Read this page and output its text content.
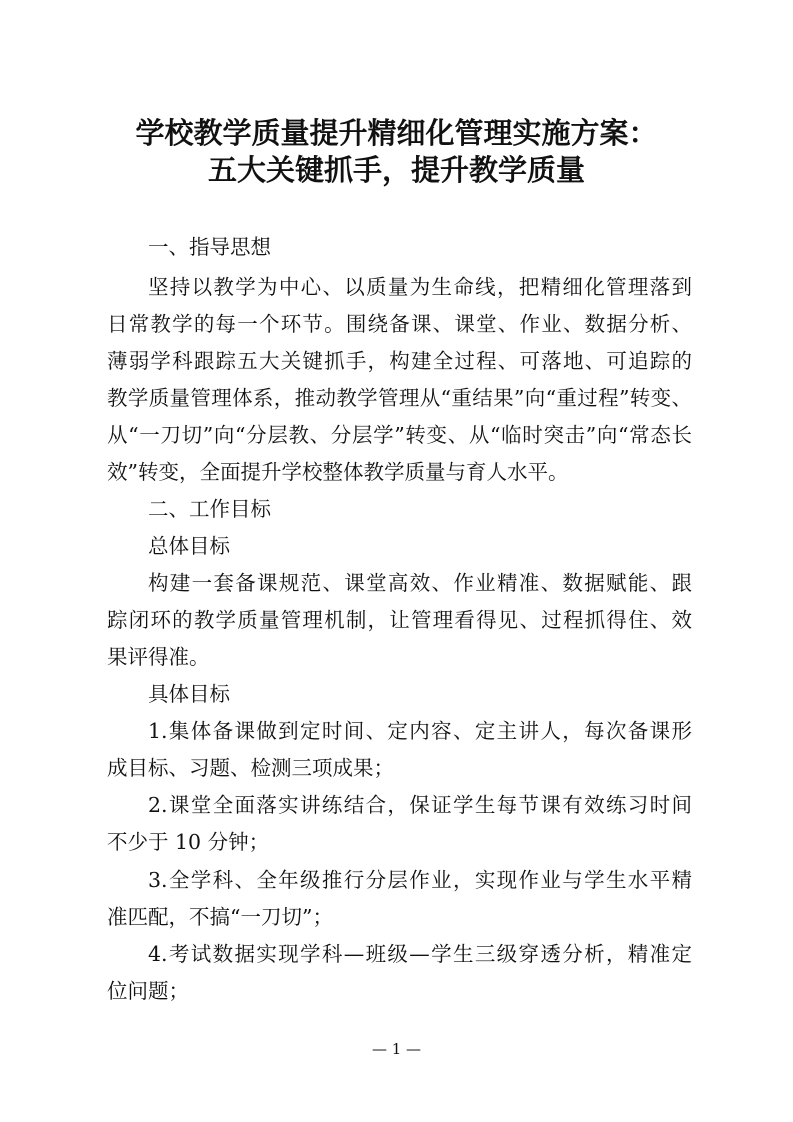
学校教学质量提升精细化管理实施方案：
五大关键抓手，提升教学质量
一、指导思想
坚持以教学为中心、以质量为生命线，把精细化管理落到
日常教学的每一个环节。围绕备课、课堂、作业、数据分析、
薄弱学科跟踪五大关键抓手，构建全过程、可落地、可追踪的
教学质量管理体系，推动教学管理从“重结果”向“重过程”转变、
从“一刀切”向“分层教、分层学”转变、从“临时突击”向“常态长
效”转变，全面提升学校整体教学质量与育人水平。
二、工作目标
总体目标
构建一套备课规范、课堂高效、作业精准、数据赋能、跟
踪闭环的教学质量管理机制，让管理看得见、过程抓得住、效
果评得准。
具体目标
1.集体备课做到定时间、定内容、定主讲人，每次备课形
成目标、习题、检测三项成果；
2.课堂全面落实讲练结合，保证学生每节课有效练习时间
不少于 10 分钟；
3.全学科、全年级推行分层作业，实现作业与学生水平精
准匹配，不搞“一刀切”；
4.考试数据实现学科—班级—学生三级穿透分析，精准定
位问题；
— 1 —
